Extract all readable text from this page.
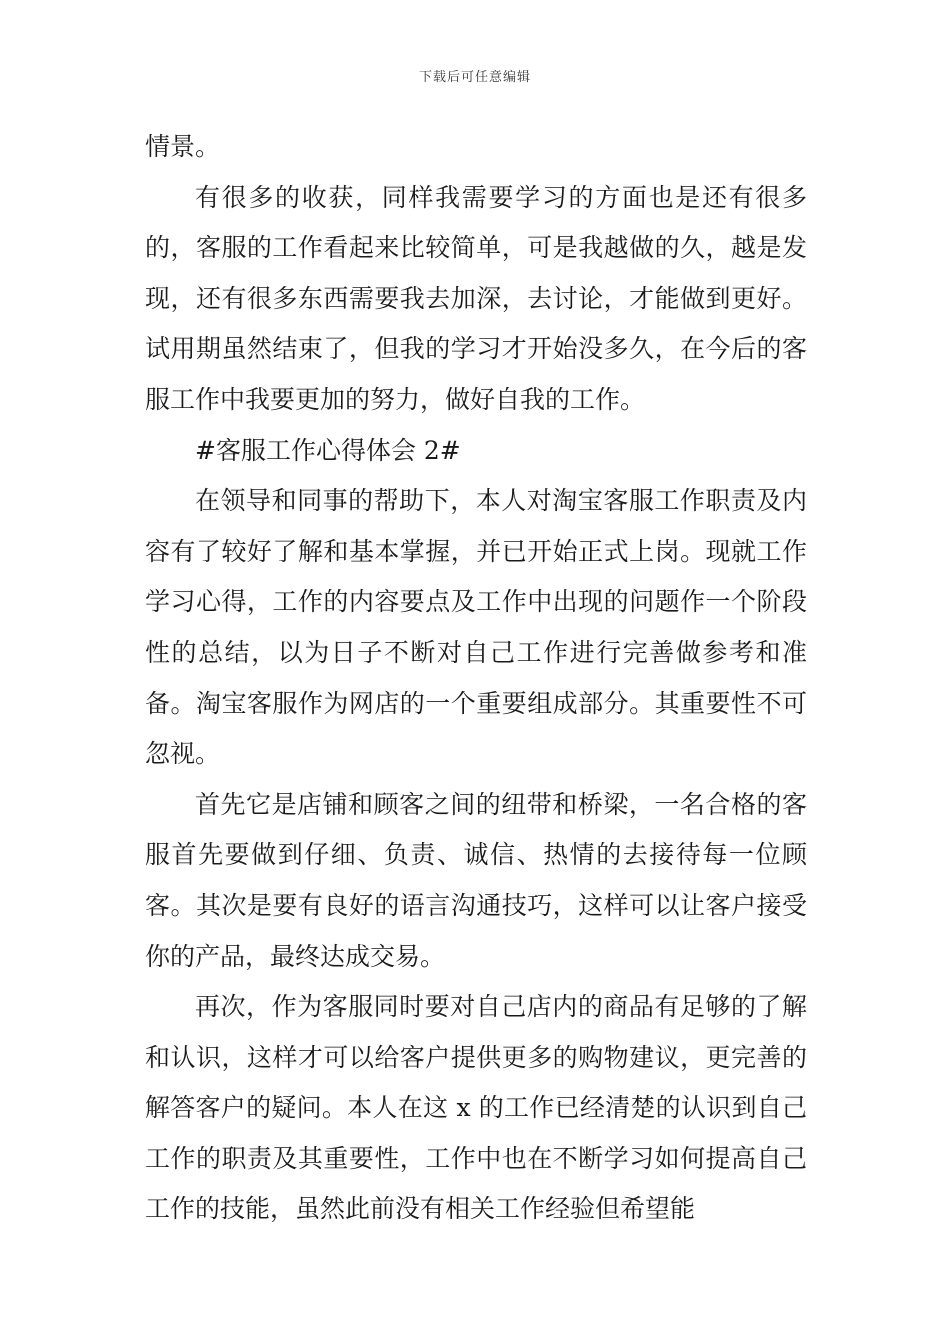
下载后可任意编辑

情景。

有很多的收获，同样我需要学习的方面也是还有很多的，客服的工作看起来比较简单，可是我越做的久，越是发现，还有很多东西需要我去加深，去讨论，才能做到更好。试用期虽然结束了，但我的学习才开始没多久，在今后的客服工作中我要更加的努力，做好自我的工作。

#客服工作心得体会 2#

在领导和同事的帮助下，本人对淘宝客服工作职责及内容有了较好了解和基本掌握，并已开始正式上岗。现就工作学习心得，工作的内容要点及工作中出现的问题作一个阶段性的总结，以为日子不断对自己工作进行完善做参考和准备。淘宝客服作为网店的一个重要组成部分。其重要性不可忽视。

首先它是店铺和顾客之间的纽带和桥梁，一名合格的客服首先要做到仔细、负责、诚信、热情的去接待每一位顾客。其次是要有良好的语言沟通技巧，这样可以让客户接受你的产品，最终达成交易。

再次，作为客服同时要对自己店内的商品有足够的了解和认识，这样才可以给客户提供更多的购物建议，更完善的解答客户的疑问。本人在这 x 的工作已经清楚的认识到自己工作的职责及其重要性，工作中也在不断学习如何提高自己工作的技能，虽然此前没有相关工作经验但希望能
